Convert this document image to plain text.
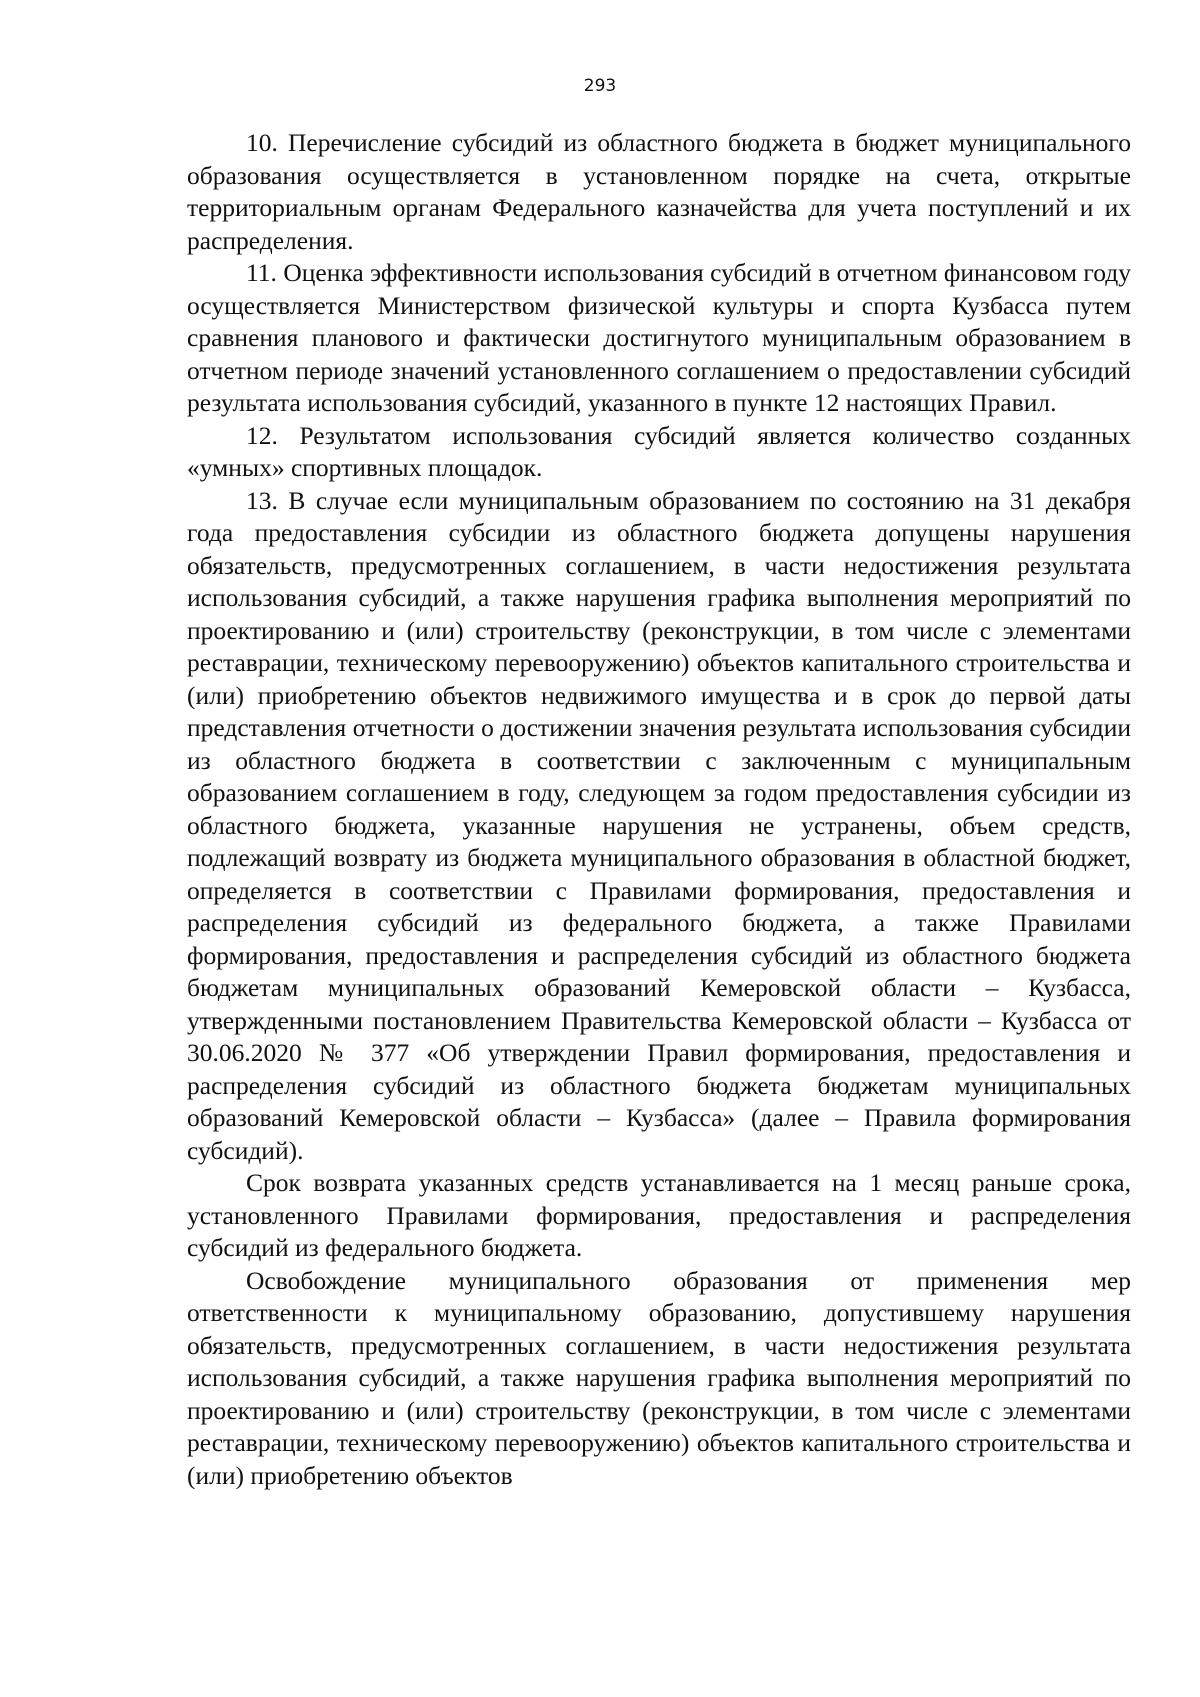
293

10. Перечисление субсидий из областного бюджета в бюджет муниципального образования осуществляется в установленном порядке на счета, открытые территориальным органам Федерального казначейства для учета поступлений и их распределения.

11. Оценка эффективности использования субсидий в отчетном финансовом году осуществляется Министерством физической культуры и спорта Кузбасса путем сравнения планового и фактически достигнутого муниципальным образованием в отчетном периоде значений установленного соглашением о предоставлении субсидий результата использования субсидий, указанного в пункте 12 настоящих Правил.

12. Результатом использования субсидий является количество созданных «умных» спортивных площадок.

13. В случае если муниципальным образованием по состоянию на 31 декабря года предоставления субсидии из областного бюджета допущены нарушения обязательств, предусмотренных соглашением, в части недостижения результата использования субсидий, а также нарушения графика выполнения мероприятий по проектированию и (или) строительству (реконструкции, в том числе с элементами реставрации, техническому перевооружению) объектов капитального строительства и (или) приобретению объектов недвижимого имущества и в срок до первой даты представления отчетности о достижении значения результата использования субсидии из областного бюджета в соответствии с заключенным с муниципальным образованием соглашением в году, следующем за годом предоставления субсидии из областного бюджета, указанные нарушения не устранены, объем средств, подлежащий возврату из бюджета муниципального образования в областной бюджет, определяется в соответствии с Правилами формирования, предоставления и распределения субсидий из федерального бюджета, а также Правилами формирования, предоставления и распределения субсидий из областного бюджета бюджетам муниципальных образований Кемеровской области – Кузбасса, утвержденными постановлением Правительства Кемеровской области – Кузбасса от 30.06.2020 № 377 «Об утверждении Правил формирования, предоставления и распределения субсидий из областного бюджета бюджетам муниципальных образований Кемеровской области – Кузбасса» (далее – Правила формирования субсидий).

Срок возврата указанных средств устанавливается на 1 месяц раньше срока, установленного Правилами формирования, предоставления и распределения субсидий из федерального бюджета.

Освобождение муниципального образования от применения мер ответственности к муниципальному образованию, допустившему нарушения обязательств, предусмотренных соглашением, в части недостижения результата использования субсидий, а также нарушения графика выполнения мероприятий по проектированию и (или) строительству (реконструкции, в том числе с элементами реставрации, техническому перевооружению) объектов капитального строительства и (или) приобретению объектов
